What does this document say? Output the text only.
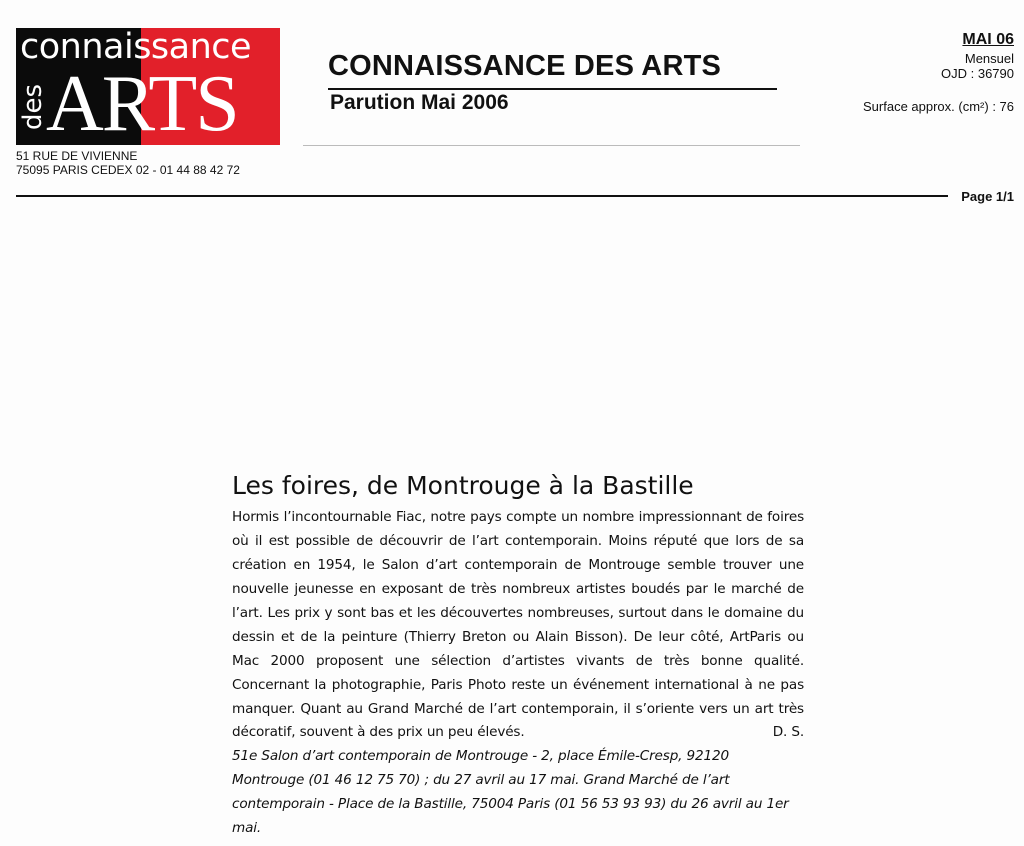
connaissance
des
ARTS
51 RUE DE VIVIENNE
75095 PARIS CEDEX 02 - 01 44 88 42 72
CONNAISSANCE DES ARTS
Parution Mai 2006
MAI 06
Mensuel
OJD : 36790
Surface approx. (cm²) : 76
Page 1/1
Les foires, de Montrouge à la Bastille

Hormis l’incontournable Fiac, notre pays compte un nombre impressionnant de foires où il est possible de découvrir de l’art contemporain. Moins réputé que lors de sa création en 1954, le Salon d’art contemporain de Montrouge semble trouver une nouvelle jeunesse en exposant de très nombreux artistes boudés par le marché de l’art. Les prix y sont bas et les découvertes nombreuses, surtout dans le domaine du dessin et de la peinture (Thierry Breton ou Alain Bisson). De leur côté, ArtParis ou Mac 2000 proposent une sélection d’artistes vivants de très bonne qualité. Concernant la photographie, Paris Photo reste un événement international à ne pas manquer. Quant au Grand Marché de l’art contemporain, il s’oriente vers un art très décoratif, souvent à des prix un peu élevés.	D. S.

51e Salon d’art contemporain de Montrouge - 2, place Émile-Cresp, 92120 Montrouge (01 46 12 75 70) ; du 27 avril au 17 mai. Grand Marché de l’art contemporain - Place de la Bastille, 75004 Paris (01 56 53 93 93) du 26 avril au 1er mai.
